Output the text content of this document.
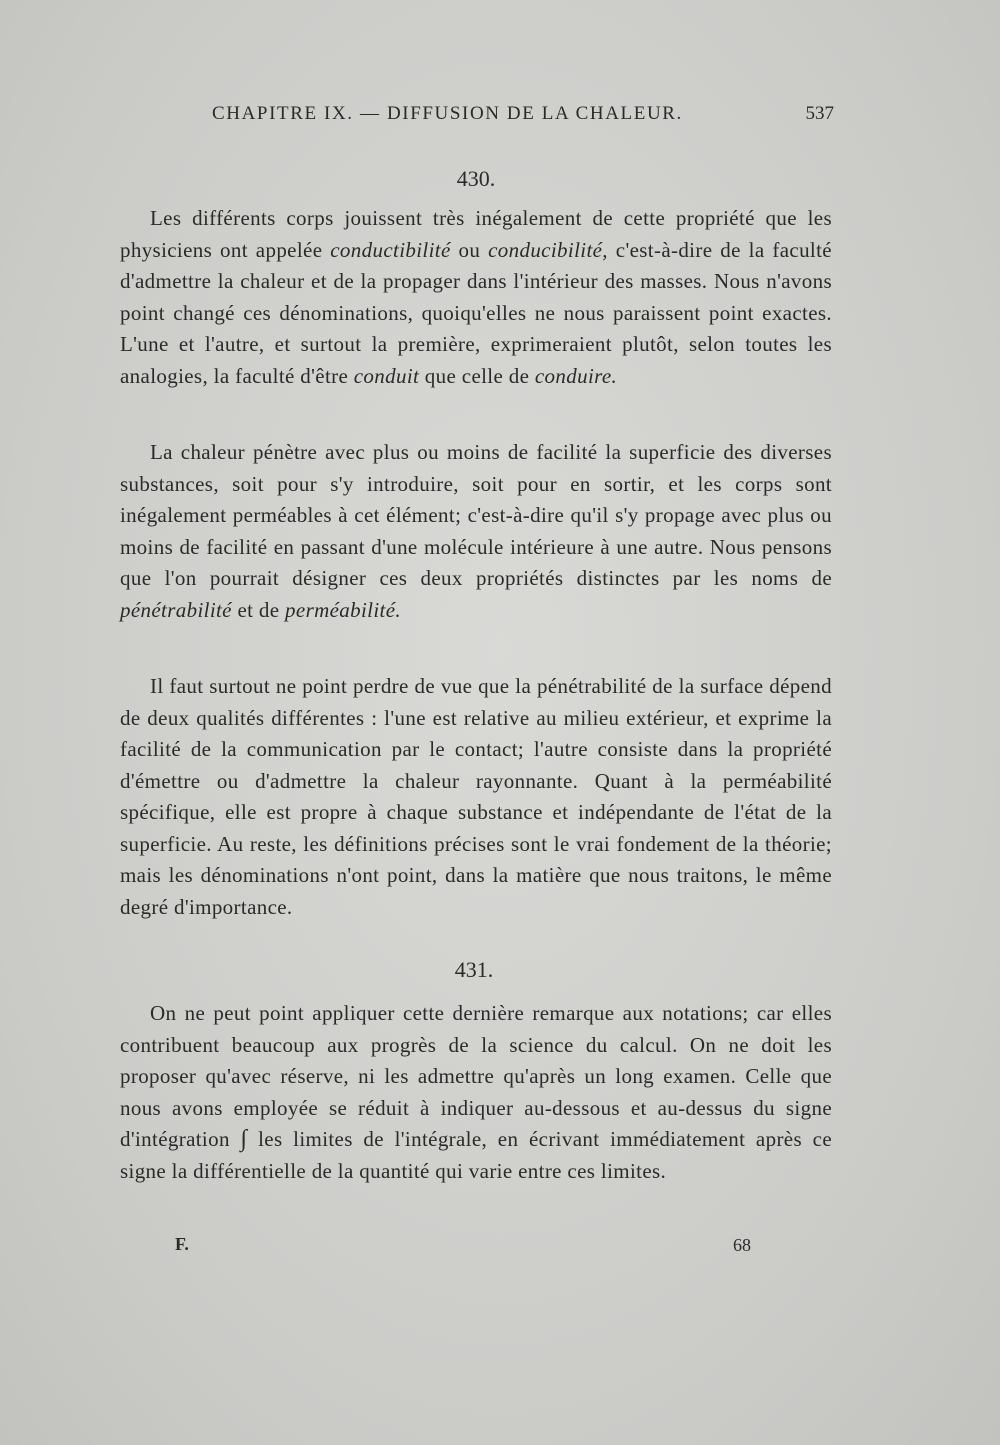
CHAPITRE IX. — DIFFUSION DE LA CHALEUR.	537
430.

Les différents corps jouissent très inégalement de cette propriété que les physiciens ont appelée conductibilité ou conducibilité, c'est-à-dire de la faculté d'admettre la chaleur et de la propager dans l'intérieur des masses. Nous n'avons point changé ces dénominations, quoiqu'elles ne nous paraissent point exactes. L'une et l'autre, et surtout la première, exprimeraient plutôt, selon toutes les analogies, la faculté d'être conduit que celle de conduire.

La chaleur pénètre avec plus ou moins de facilité la superficie des diverses substances, soit pour s'y introduire, soit pour en sortir, et les corps sont inégalement perméables à cet élément; c'est-à-dire qu'il s'y propage avec plus ou moins de facilité en passant d'une molécule intérieure à une autre. Nous pensons que l'on pourrait désigner ces deux propriétés distinctes par les noms de pénétrabilité et de perméabilité.

Il faut surtout ne point perdre de vue que la pénétrabilité de la surface dépend de deux qualités différentes : l'une est relative au milieu extérieur, et exprime la facilité de la communication par le contact; l'autre consiste dans la propriété d'émettre ou d'admettre la chaleur rayonnante. Quant à la perméabilité spécifique, elle est propre à chaque substance et indépendante de l'état de la superficie. Au reste, les définitions précises sont le vrai fondement de la théorie; mais les dénominations n'ont point, dans la matière que nous traitons, le même degré d'importance.

431.

On ne peut point appliquer cette dernière remarque aux notations; car elles contribuent beaucoup aux progrès de la science du calcul. On ne doit les proposer qu'avec réserve, ni les admettre qu'après un long examen. Celle que nous avons employée se réduit à indiquer au-dessous et au-dessus du signe d'intégration ∫ les limites de l'intégrale, en écrivant immédiatement après ce signe la différentielle de la quantité qui varie entre ces limites.

F.	68
